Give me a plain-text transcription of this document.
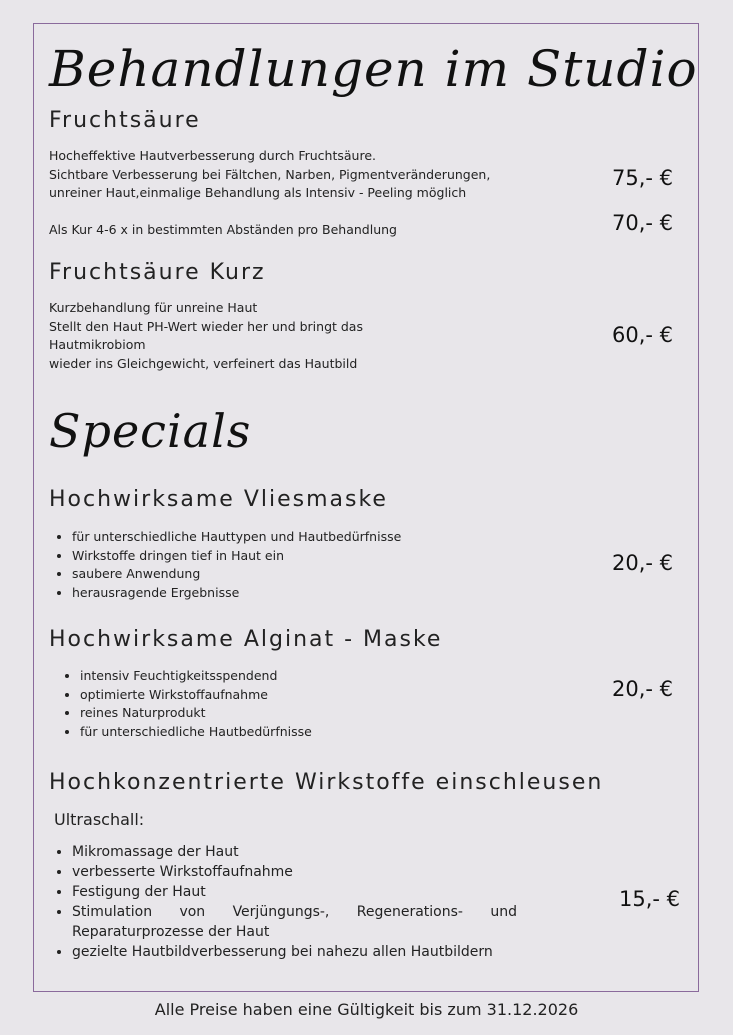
Behandlungen im Studio
Fruchtsäure
Hocheffektive Hautverbesserung durch Fruchtsäure.
Sichtbare Verbesserung bei Fältchen, Narben, Pigmentveränderungen,
unreiner Haut,einmalige Behandlung als Intensiv - Peeling möglich
75,- €
Als Kur 4-6 x in bestimmten Abständen pro Behandlung	70,- €
Fruchtsäure Kurz
Kurzbehandlung für unreine Haut
Stellt den Haut PH-Wert wieder her und bringt das
Hautmikrobiom
wieder ins Gleichgewicht, verfeinert das Hautbild
60,- €
Specials
Hochwirksame Vliesmaske
• für unterschiedliche Hauttypen und Hautbedürfnisse
• Wirkstoffe dringen tief in Haut ein
• saubere Anwendung
• herausragende Ergebnisse
20,- €
Hochwirksame Alginat - Maske
• intensiv Feuchtigkeitsspendend
• optimierte Wirkstoffaufnahme
• reines Naturprodukt
• für unterschiedliche Hautbedürfnisse
20,- €
Hochkonzentrierte Wirkstoffe einschleusen
Ultraschall:
• Mikromassage der Haut
• verbesserte Wirkstoffaufnahme
• Festigung der Haut
• Stimulation von Verjüngungs-, Regenerations- und Reparaturprozesse der Haut
• gezielte Hautbildverbesserung bei nahezu allen Hautbildern
15,- €
Alle Preise haben eine Gültigkeit bis zum 31.12.2026
